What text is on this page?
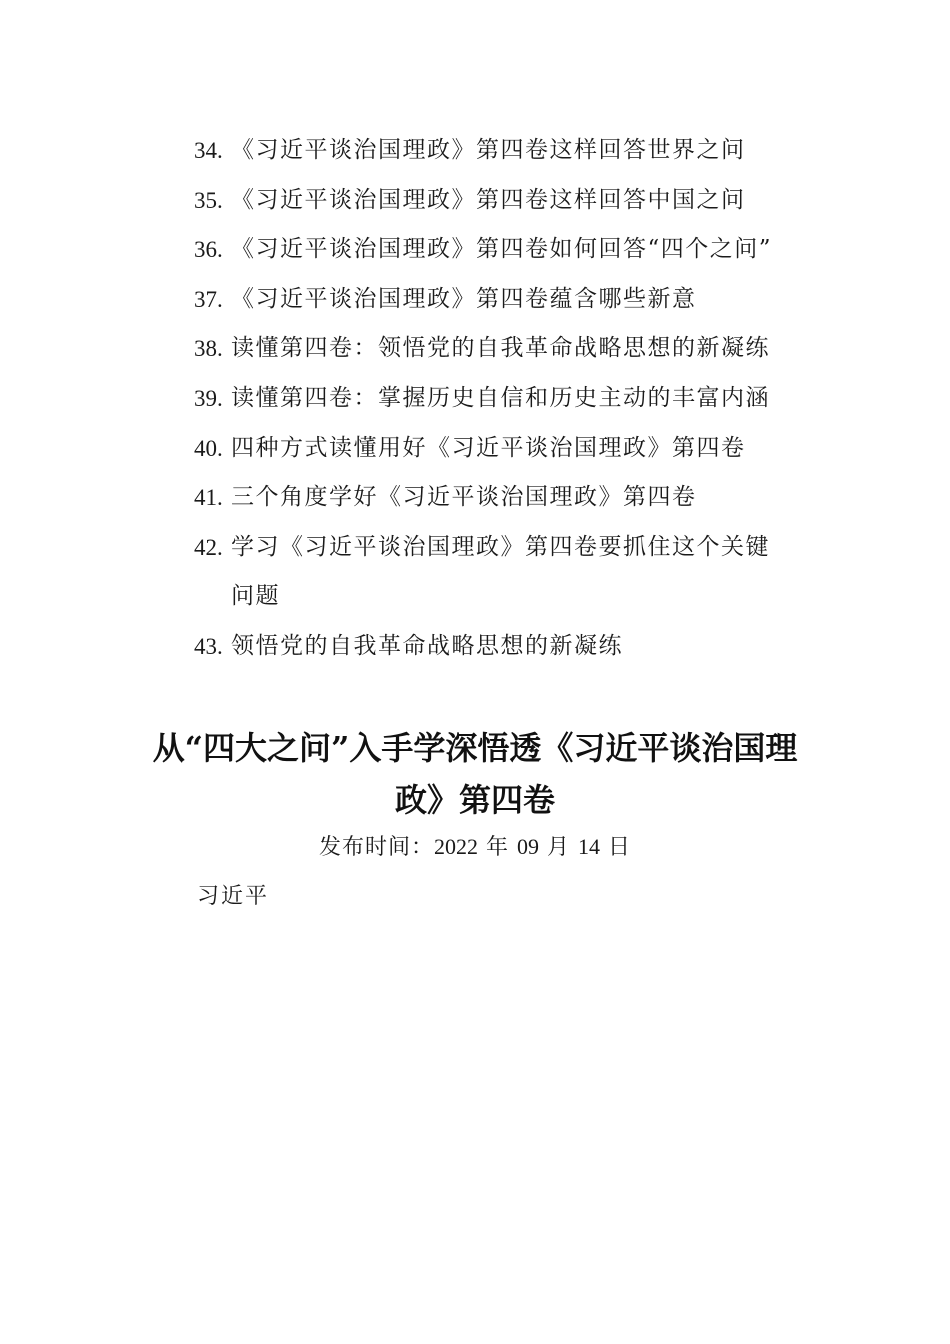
34. 《习近平谈治国理政》第四卷这样回答世界之问
35. 《习近平谈治国理政》第四卷这样回答中国之问
36. 《习近平谈治国理政》第四卷如何回答“四个之问”
37. 《习近平谈治国理政》第四卷蕴含哪些新意
38. 读懂第四卷：领悟党的自我革命战略思想的新凝练
39. 读懂第四卷：掌握历史自信和历史主动的丰富内涵
40. 四种方式读懂用好《习近平谈治国理政》第四卷
41. 三个角度学好《习近平谈治国理政》第四卷
42. 学习《习近平谈治国理政》第四卷要抓住这个关键问题
43. 领悟党的自我革命战略思想的新凝练
从“四大之问”入手学深悟透《习近平谈治国理政》第四卷
发布时间：2022 年 09 月 14 日
习近平
